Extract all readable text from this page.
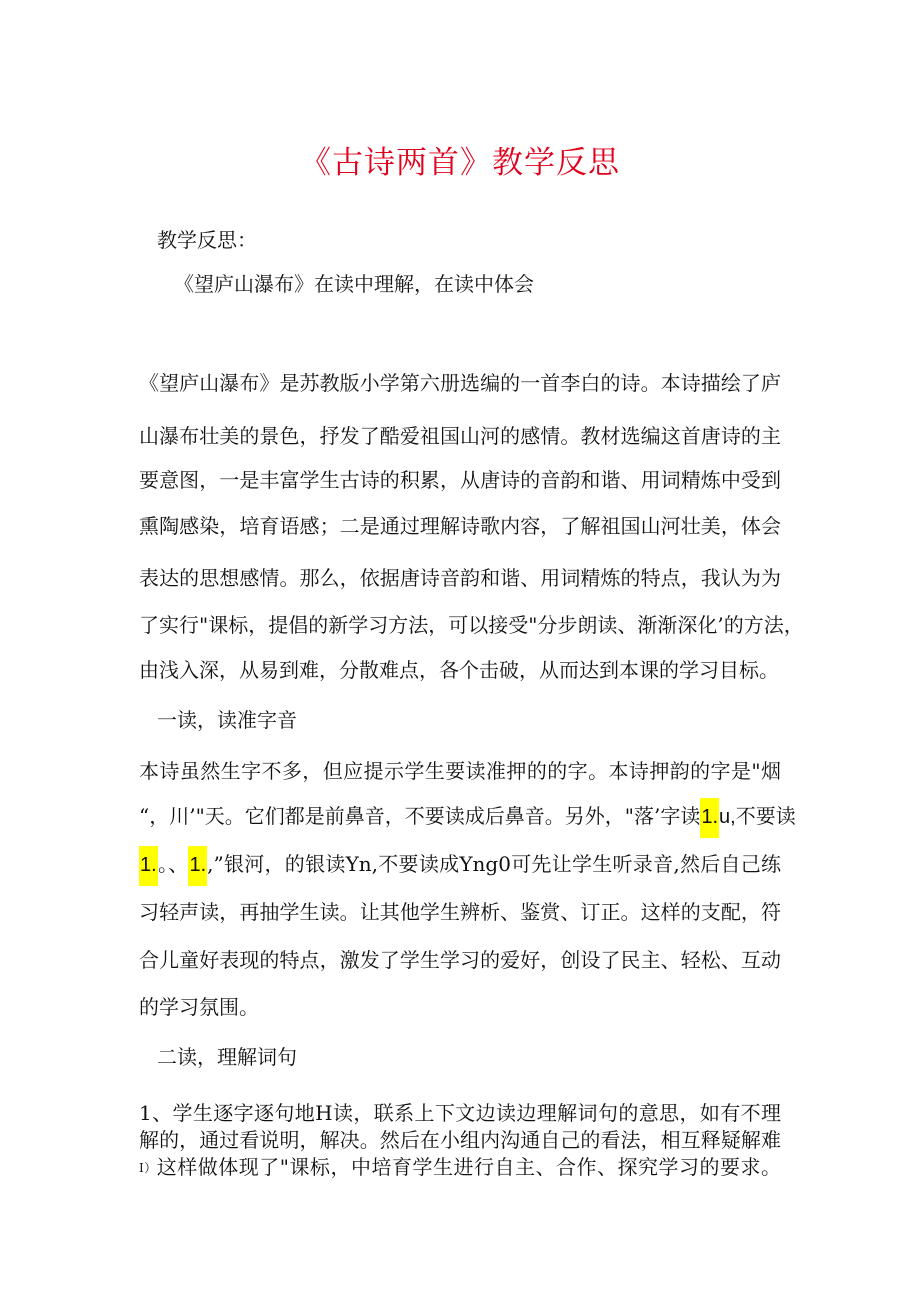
《古诗两首》教学反思
教学反思：
《望庐山瀑布》在读中理解，在读中体会
《望庐山瀑布》是苏教版小学第六册选编的一首李白的诗。本诗描绘了庐
山瀑布壮美的景色，抒发了酷爱祖国山河的感情。教材选编这首唐诗的主
要意图，一是丰富学生古诗的积累，从唐诗的音韵和谐、用词精炼中受到
熏陶感染，培育语感；二是通过理解诗歌内容，了解祖国山河壮美，体会
表达的思想感情。那么，依据唐诗音韵和谐、用词精炼的特点，我认为为
了实行"课标，提倡的新学习方法，可以接受"分步朗读、渐渐深化’的方法，
由浅入深，从易到难，分散难点，各个击破，从而达到本课的学习目标。
一读，读准字音
本诗虽然生字不多，但应提示学生要读准押的的字。本诗押韵的字是"烟
“，川’"天。它们都是前鼻音，不要读成后鼻音。另外，"落’字读1.u,不要读
1.。、1.,”银河，的银读Yn,不要读成Yng0可先让学生听录音,然后自己练
习轻声读，再抽学生读。让其他学生辨析、鉴赏、订正。这样的支配，符
合儿童好表现的特点，激发了学生学习的爱好，创设了民主、轻松、互动
的学习氛围。
二读，理解词句
1、学生逐字逐句地H读，联系上下文边读边理解词句的意思，如有不理
解的，通过看说明，解决。然后在小组内沟通自己的看法，相互释疑解难
I）这样做体现了"课标，中培育学生进行自主、合作、探究学习的要求。
